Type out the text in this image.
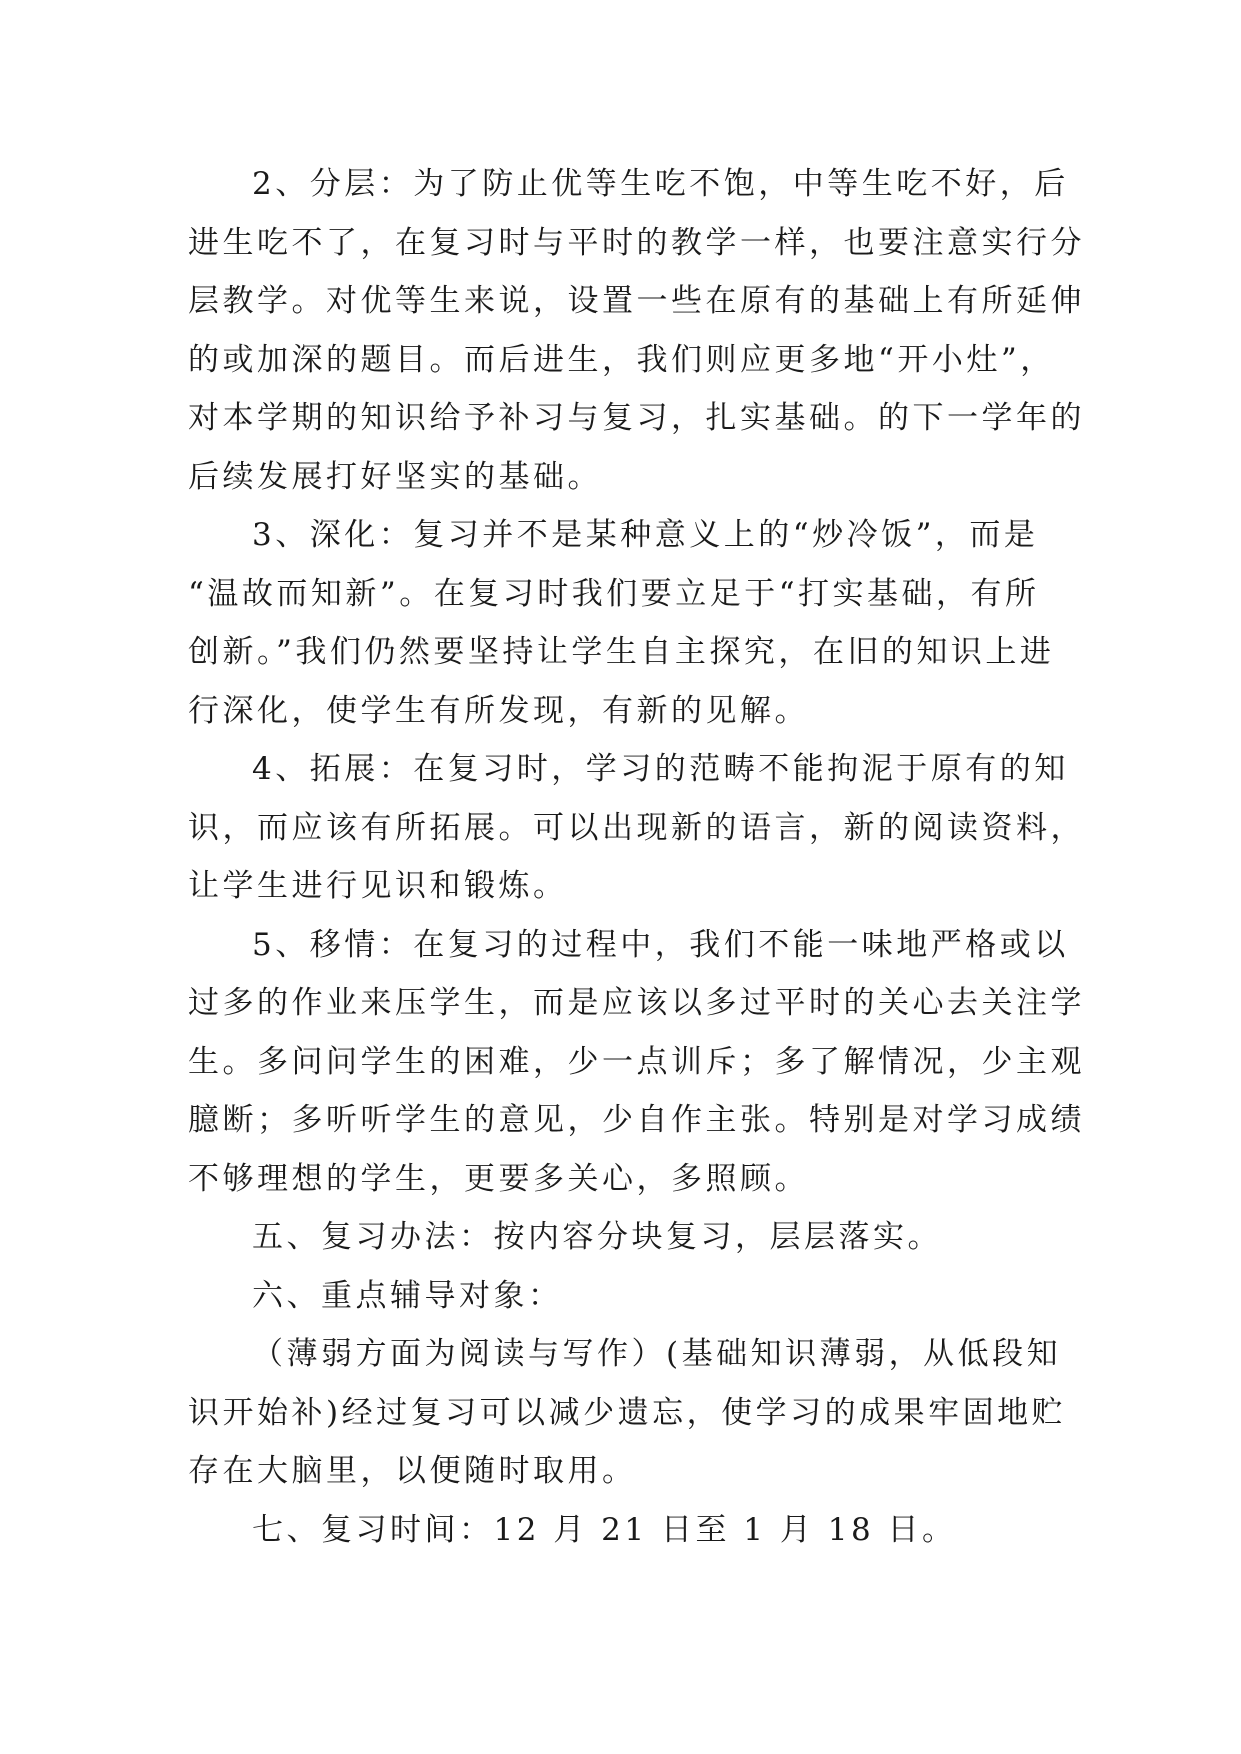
2、分层：为了防止优等生吃不饱，中等生吃不好，后
进生吃不了，在复习时与平时的教学一样，也要注意实行分
层教学。对优等生来说，设置一些在原有的基础上有所延伸
的或加深的题目。而后进生，我们则应更多地“开小灶”，
对本学期的知识给予补习与复习，扎实基础。的下一学年的
后续发展打好坚实的基础。
3、深化：复习并不是某种意义上的“炒冷饭”，而是
“温故而知新”。在复习时我们要立足于“打实基础，有所
创新。”我们仍然要坚持让学生自主探究，在旧的知识上进
行深化，使学生有所发现，有新的见解。
4、拓展：在复习时，学习的范畴不能拘泥于原有的知
识，而应该有所拓展。可以出现新的语言，新的阅读资料，
让学生进行见识和锻炼。
5、移情：在复习的过程中，我们不能一味地严格或以
过多的作业来压学生，而是应该以多过平时的关心去关注学
生。多问问学生的困难，少一点训斥；多了解情况，少主观
臆断；多听听学生的意见，少自作主张。特别是对学习成绩
不够理想的学生，更要多关心，多照顾。
五、复习办法：按内容分块复习，层层落实。
六、重点辅导对象：
（薄弱方面为阅读与写作）(基础知识薄弱，从低段知
识开始补)经过复习可以减少遗忘，使学习的成果牢固地贮
存在大脑里，以便随时取用。
七、复习时间：12 月 21 日至 1 月 18 日。
